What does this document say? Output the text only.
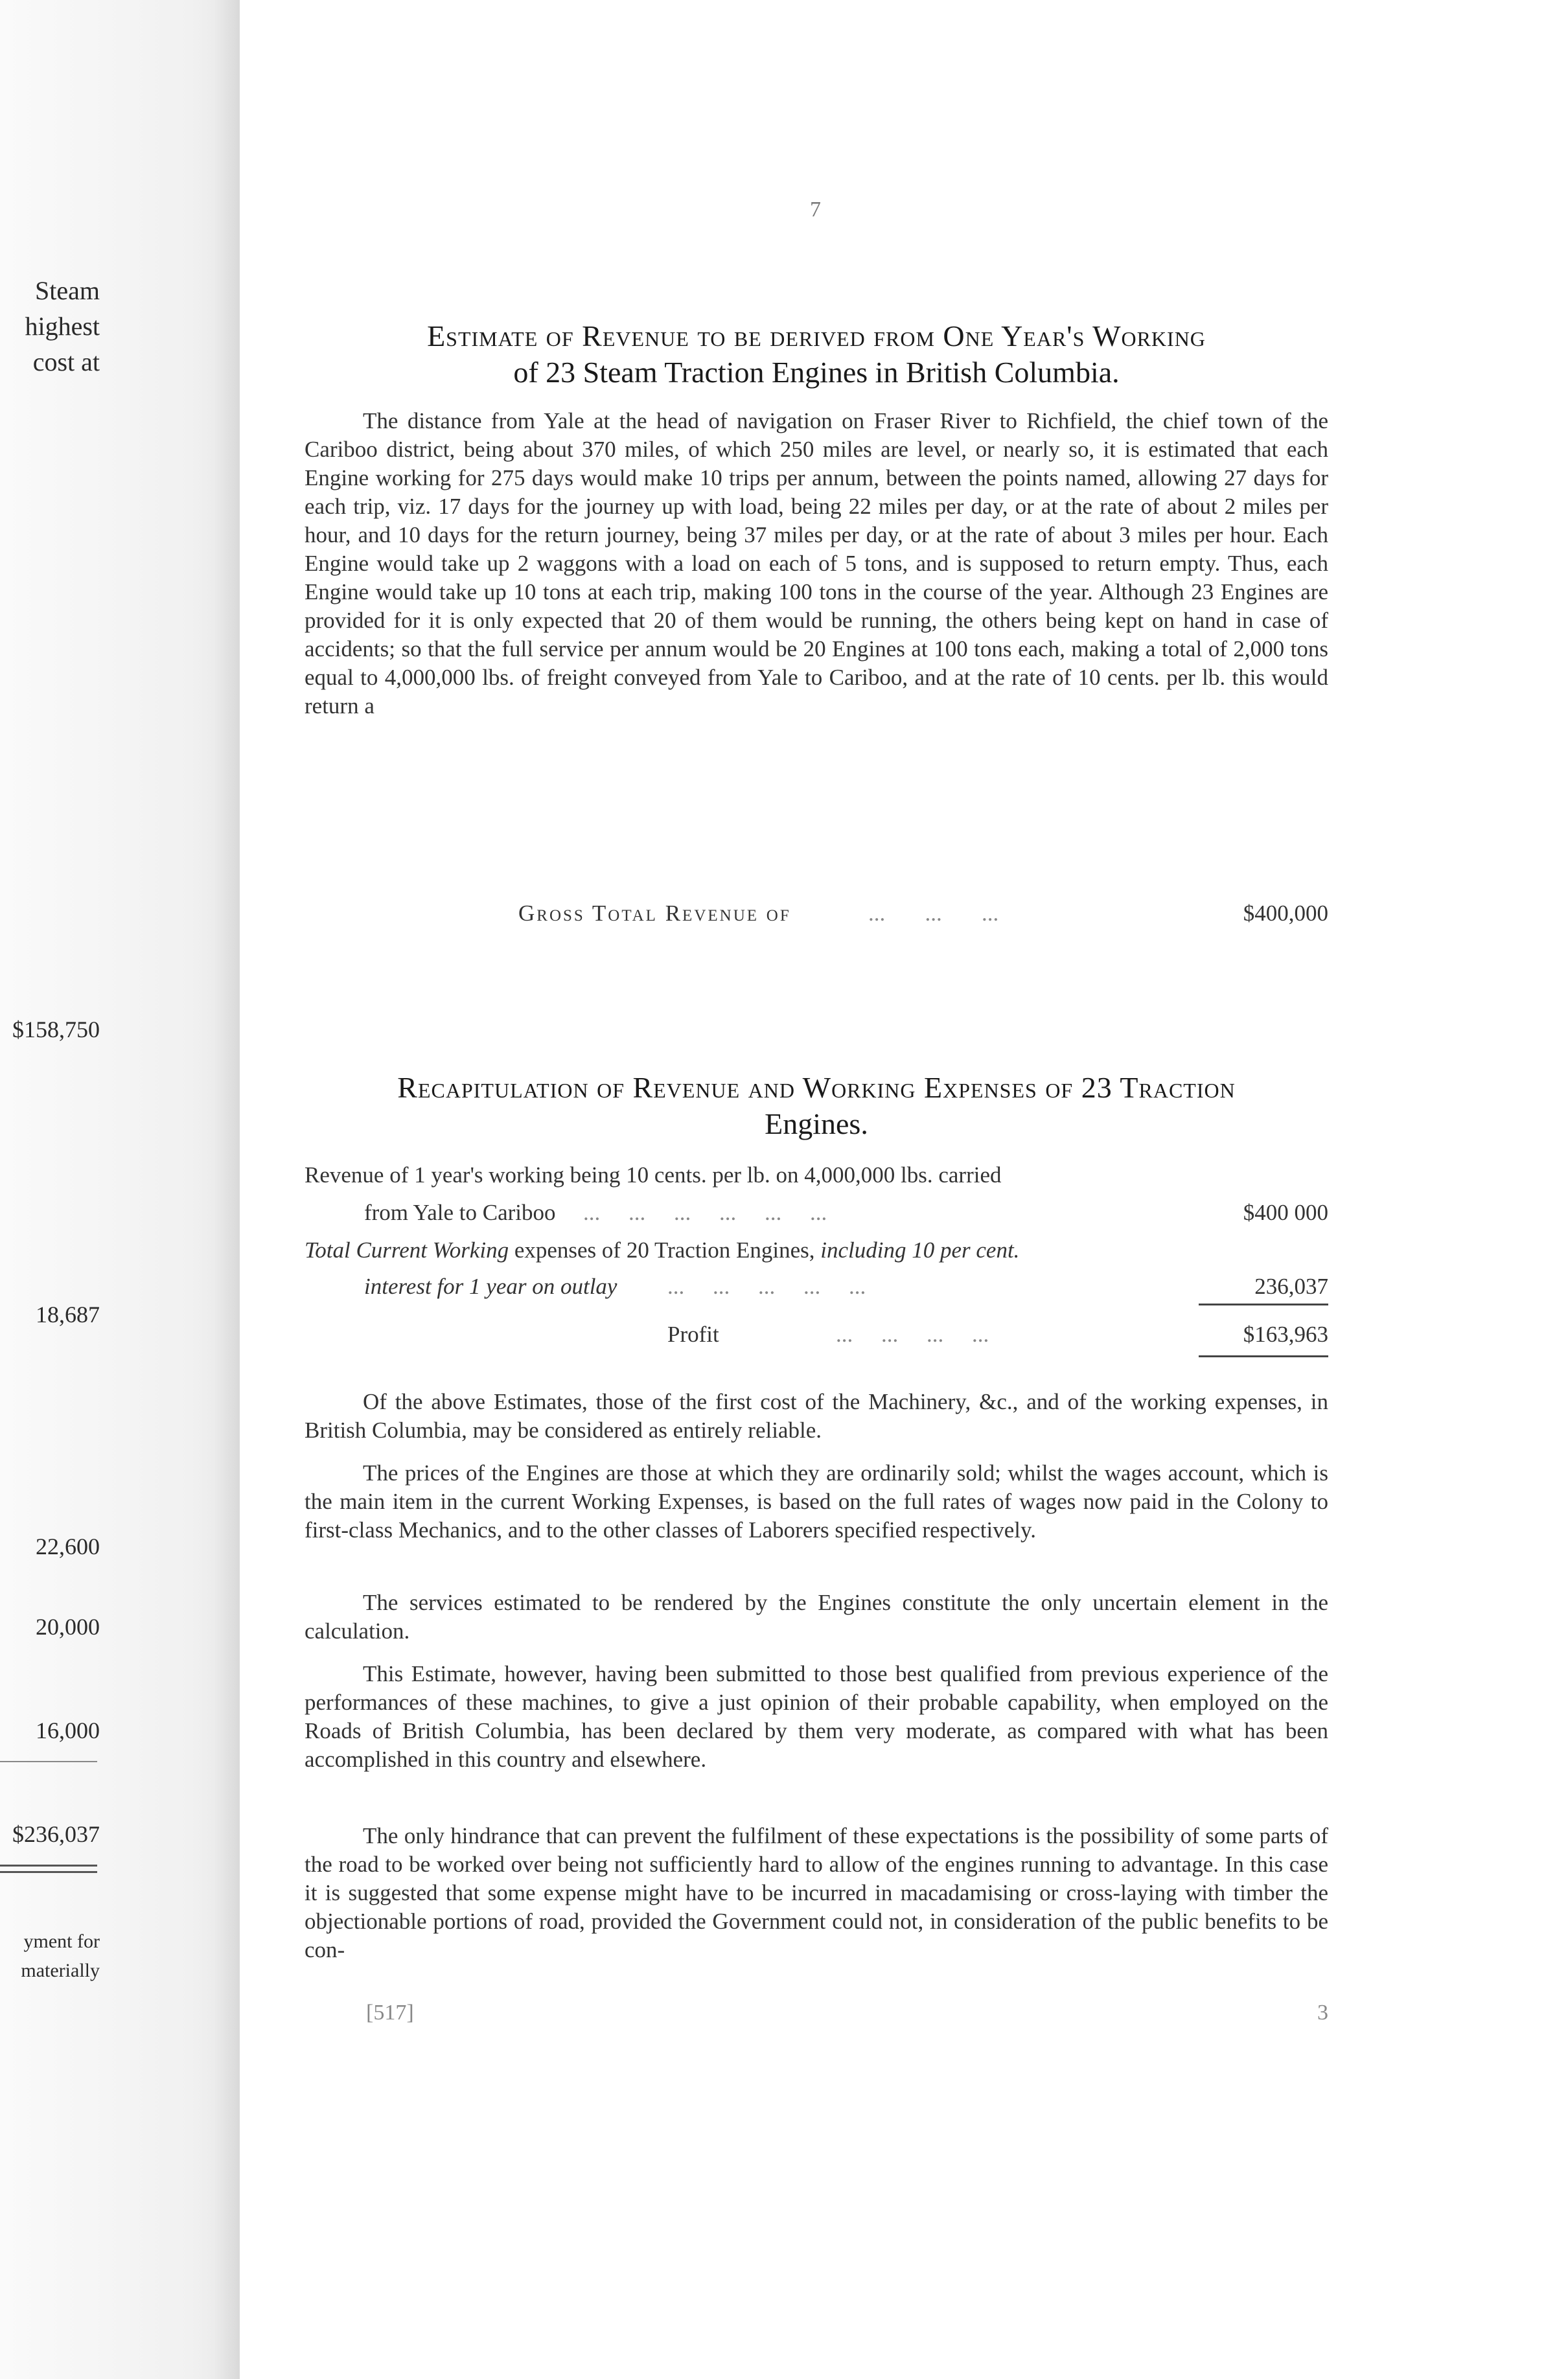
Steam
highest
cost at
$158,750
18,687
22,600
20,000
16,000
$236,037
yment for
materially
7
Estimate of Revenue to be derived from One Year's Working
of 23 Steam Traction Engines in British Columbia.
The distance from Yale at the head of navigation on Fraser River to Richfield, the chief town of the Cariboo district, being about 370 miles, of which 250 miles are level, or nearly so, it is estimated that each Engine working for 275 days would make 10 trips per annum, between the points named, allowing 27 days for each trip, viz. 17 days for the journey up with load, being 22 miles per day, or at the rate of about 2 miles per hour, and 10 days for the return journey, being 37 miles per day, or at the rate of about 3 miles per hour. Each Engine would take up 2 waggons with a load on each of 5 tons, and is supposed to return empty. Thus, each Engine would take up 10 tons at each trip, making 100 tons in the course of the year. Although 23 Engines are provided for it is only expected that 20 of them would be running, the others being kept on hand in case of accidents; so that the full service per annum would be 20 Engines at 100 tons each, making a total of 2,000 tons equal to 4,000,000 lbs. of freight conveyed from Yale to Cariboo, and at the rate of 10 cents. per lb. this would return a
Gross Total Revenue of	...       ...       ...	$400,000
Recapitulation of Revenue and Working Expenses of 23 Traction
Engines.
Revenue of 1 year's working being 10 cents. per lb. on 4,000,000 lbs. carried
from Yale to Cariboo ...     ...     ...     ...     ...     ...	$400 000
Total Current Working expenses of 20 Traction Engines, including 10 per cent.
interest for 1 year on outlay ...     ...     ...     ...     ...	236,037
Profit	...     ...     ...     ...	$163,963
Of the above Estimates, those of the first cost of the Machinery, &c., and of the working expenses, in British Columbia, may be considered as entirely reliable.
The prices of the Engines are those at which they are ordinarily sold; whilst the wages account, which is the main item in the current Working Expenses, is based on the full rates of wages now paid in the Colony to first-class Mechanics, and to the other classes of Laborers specified respectively.
The services estimated to be rendered by the Engines constitute the only uncertain element in the calculation.
This Estimate, however, having been submitted to those best qualified from previous experience of the performances of these machines, to give a just opinion of their probable capability, when employed on the Roads of British Columbia, has been declared by them very moderate, as compared with what has been accomplished in this country and elsewhere.
The only hindrance that can prevent the fulfilment of these expectations is the possibility of some parts of the road to be worked over being not sufficiently hard to allow of the engines running to advantage. In this case it is suggested that some expense might have to be incurred in macadamising or cross-laying with timber the objectionable portions of road, provided the Government could not, in consideration of the public benefits to be con-
[517]	3
